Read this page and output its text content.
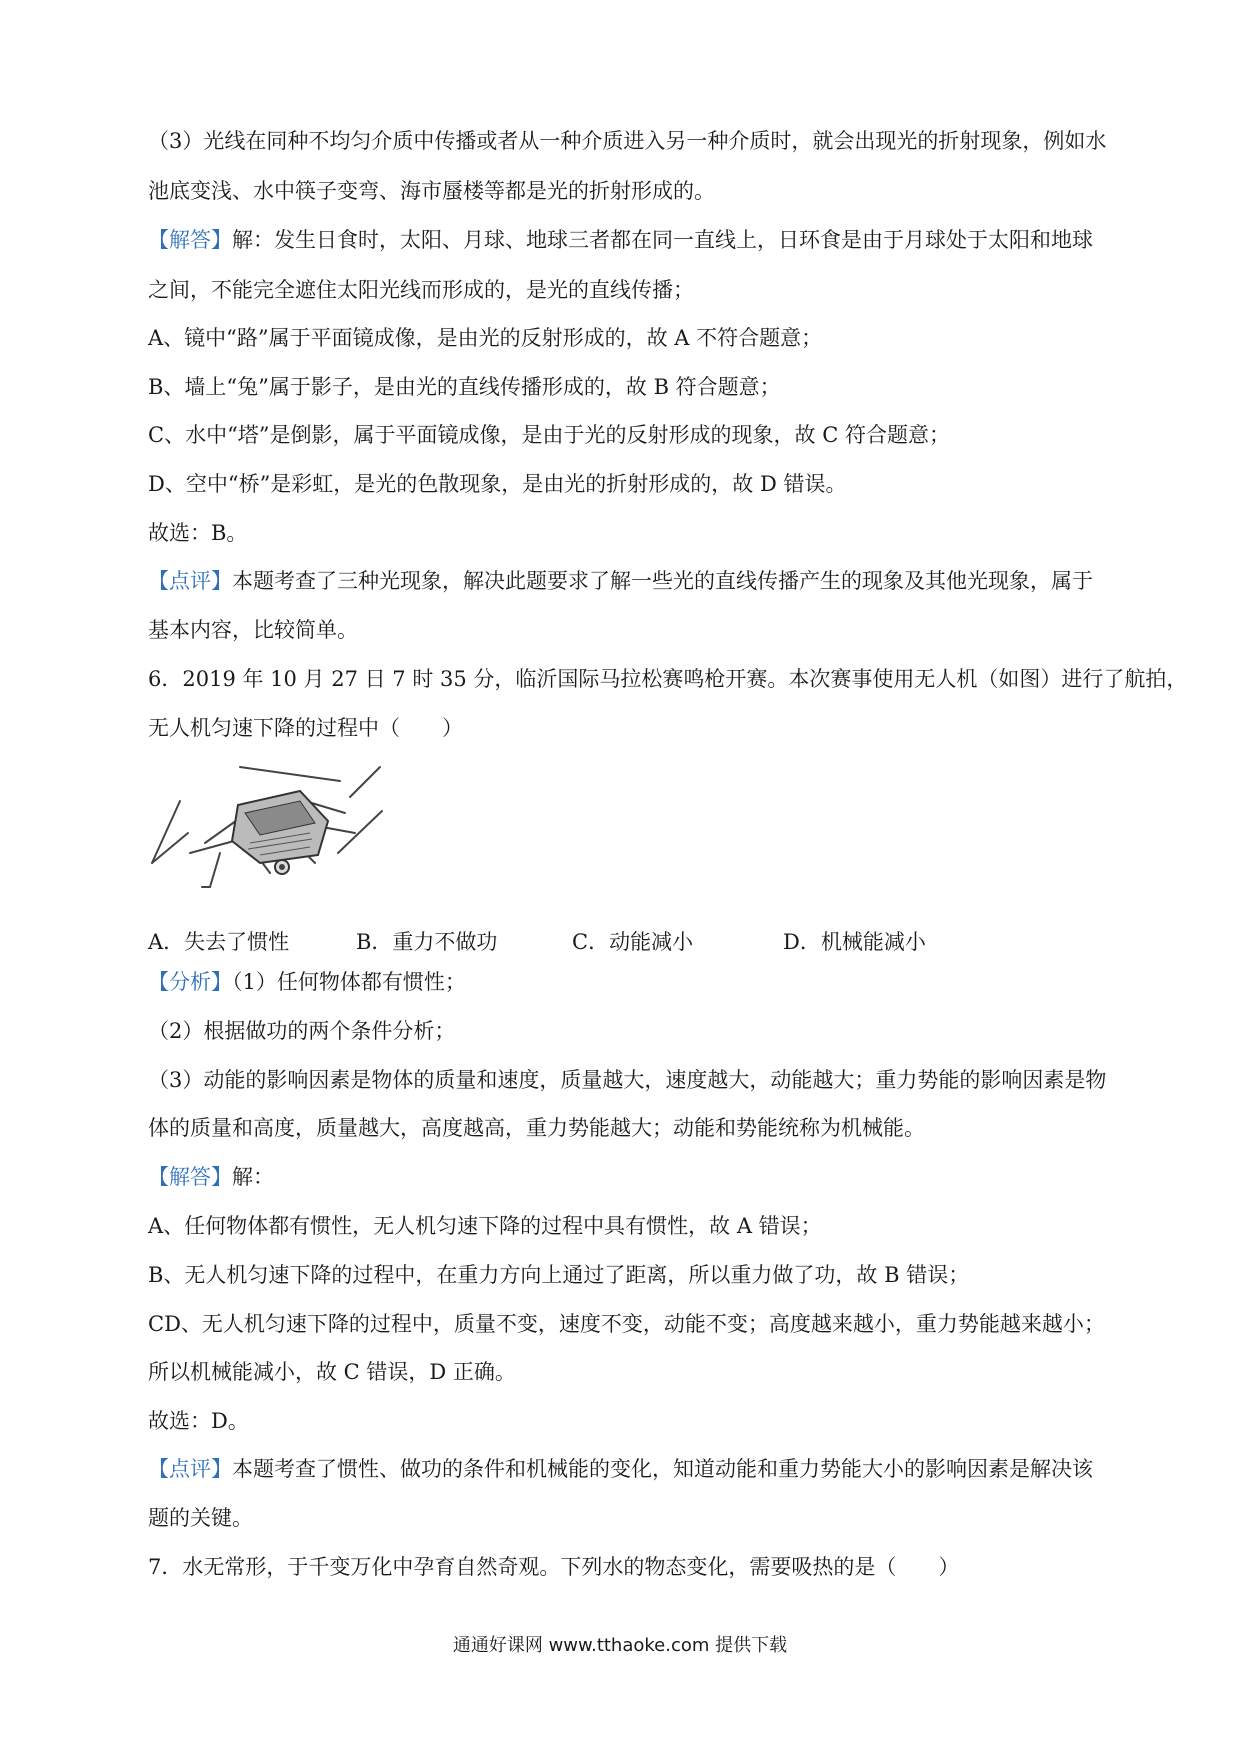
（3）光线在同种不均匀介质中传播或者从一种介质进入另一种介质时，就会出现光的折射现象，例如水
池底变浅、水中筷子变弯、海市蜃楼等都是光的折射形成的。
【解答】解：发生日食时，太阳、月球、地球三者都在同一直线上，日环食是由于月球处于太阳和地球
之间，不能完全遮住太阳光线而形成的，是光的直线传播；
A、镜中“路”属于平面镜成像，是由光的反射形成的，故 A 不符合题意；
B、墙上“兔”属于影子，是由光的直线传播形成的，故 B 符合题意；
C、水中“塔”是倒影，属于平面镜成像，是由于光的反射形成的现象，故 C 符合题意；
D、空中“桥”是彩虹，是光的色散现象，是由光的折射形成的，故 D 错误。
故选：B。
【点评】本题考查了三种光现象，解决此题要求了解一些光的直线传播产生的现象及其他光现象，属于
基本内容，比较简单。
6．2019 年 10 月 27 日 7 时 35 分，临沂国际马拉松赛鸣枪开赛。本次赛事使用无人机（如图）进行了航拍，
无人机匀速下降的过程中（　　）
A．失去了惯性	B．重力不做功	C．动能减小	D．机械能减小
【分析】（1）任何物体都有惯性；
（2）根据做功的两个条件分析；
（3）动能的影响因素是物体的质量和速度，质量越大，速度越大，动能越大；重力势能的影响因素是物
体的质量和高度，质量越大，高度越高，重力势能越大；动能和势能统称为机械能。
【解答】解：
A、任何物体都有惯性，无人机匀速下降的过程中具有惯性，故 A 错误；
B、无人机匀速下降的过程中，在重力方向上通过了距离，所以重力做了功，故 B 错误；
CD、无人机匀速下降的过程中，质量不变，速度不变，动能不变；高度越来越小，重力势能越来越小；
所以机械能减小，故 C 错误，D 正确。
故选：D。
【点评】本题考查了惯性、做功的条件和机械能的变化，知道动能和重力势能大小的影响因素是解决该
题的关键。
7．水无常形，于千变万化中孕育自然奇观。下列水的物态变化，需要吸热的是（　　）
通通好课网 www.tthaoke.com 提供下载
